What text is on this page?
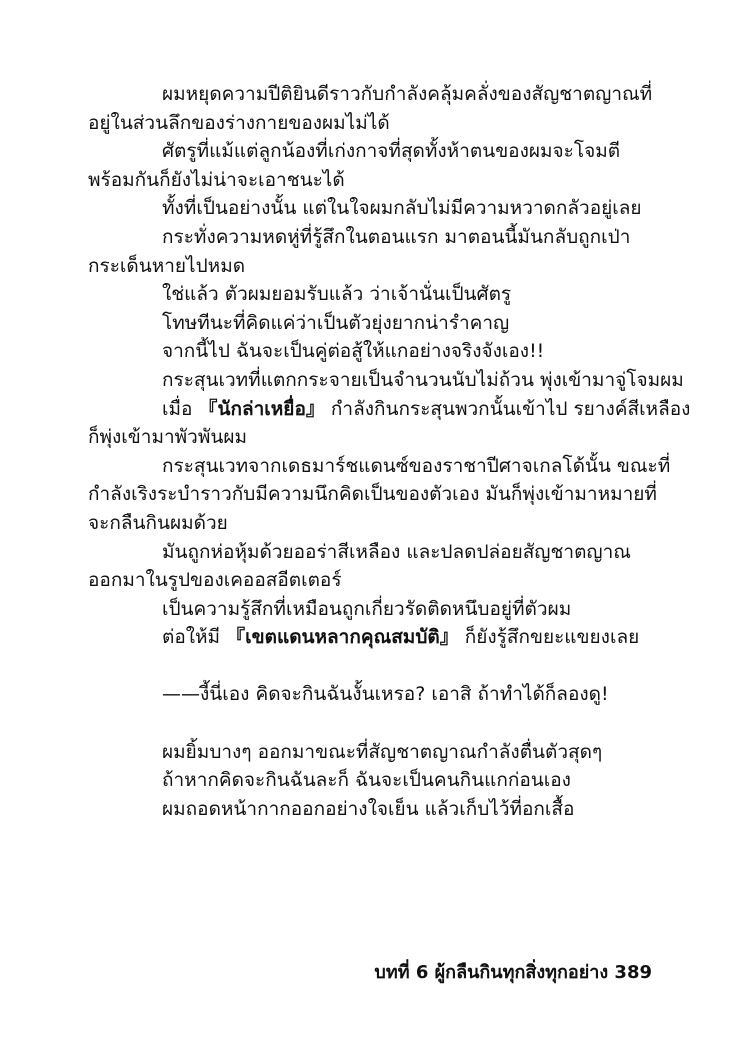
ผมหยุดความปีติยินดีราวกับกำลังคลุ้มคลั่งของสัญชาตญาณที่
อยู่ในส่วนลึกของร่างกายของผมไม่ได้
ศัตรูที่แม้แต่ลูกน้องที่เก่งกาจที่สุดทั้งห้าตนของผมจะโจมตี
พร้อมกันก็ยังไม่น่าจะเอาชนะได้
ทั้งที่เป็นอย่างนั้น แต่ในใจผมกลับไม่มีความหวาดกลัวอยู่เลย
กระทั่งความหดหู่ที่รู้สึกในตอนแรก มาตอนนี้มันกลับถูกเป่า
กระเด็นหายไปหมด
ใช่แล้ว ตัวผมยอมรับแล้ว ว่าเจ้านั่นเป็นศัตรู
โทษทีนะที่คิดแค่ว่าเป็นตัวยุ่งยากน่ารำคาญ
จากนี้ไป ฉันจะเป็นคู่ต่อสู้ให้แกอย่างจริงจังเอง!!
กระสุนเวทที่แตกกระจายเป็นจำนวนนับไม่ถ้วน พุ่งเข้ามาจู่โจมผม
เมื่อ 『นักล่าเหยื่อ』 กำลังกินกระสุนพวกนั้นเข้าไป รยางค์สีเหลือง
ก็พุ่งเข้ามาพัวพันผม
กระสุนเวทจากเดธมาร์ชแดนซ์ของราชาปีศาจเกลโด้นั้น ขณะที่
กำลังเริงระบำราวกับมีความนึกคิดเป็นของตัวเอง มันก็พุ่งเข้ามาหมายที่
จะกลืนกินผมด้วย
มันถูกห่อหุ้มด้วยออร่าสีเหลือง และปลดปล่อยสัญชาตญาณ
ออกมาในรูปของเคออสอีตเตอร์
เป็นความรู้สึกที่เหมือนถูกเกี่ยวรัดติดหนึบอยู่ที่ตัวผม
ต่อให้มี 『เขตแดนหลากคุณสมบัติ』 ก็ยังรู้สึกขยะแขยงเลย
——งี้นี่เอง คิดจะกินฉันงั้นเหรอ? เอาสิ ถ้าทำได้ก็ลองดู!
ผมยิ้มบางๆ ออกมาขณะที่สัญชาตญาณกำลังตื่นตัวสุดๆ
ถ้าหากคิดจะกินฉันละก็ ฉันจะเป็นคนกินแกก่อนเอง
ผมถอดหน้ากากออกอย่างใจเย็น แล้วเก็บไว้ที่อกเสื้อ
บทที่ 6 ผู้กลืนกินทุกสิ่งทุกอย่าง 389
